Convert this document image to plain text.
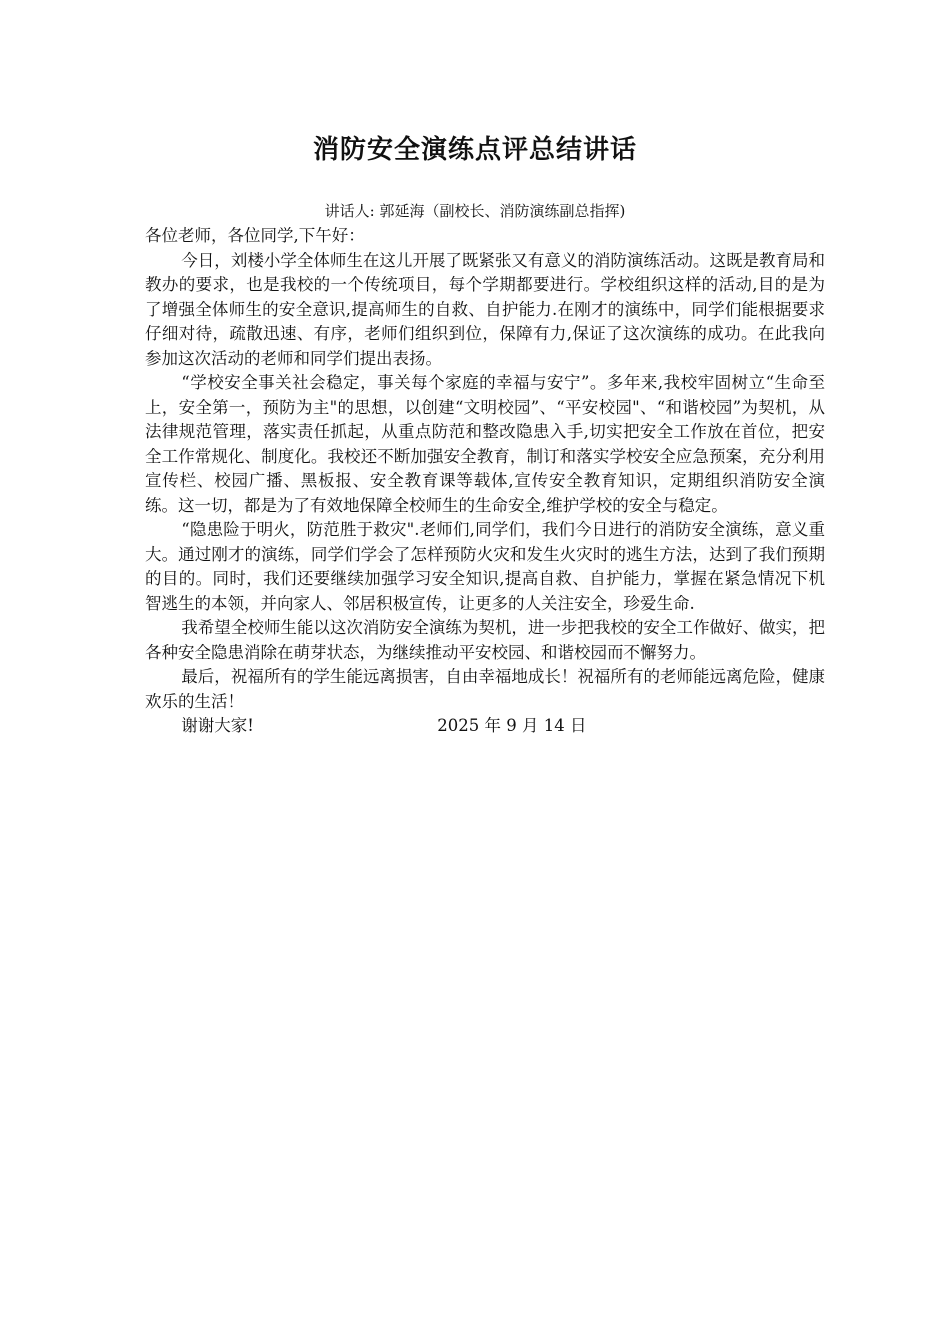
消防安全演练点评总结讲话
讲话人: 郭延海（副校长、消防演练副总指挥)

各位老师，各位同学,下午好：

今日，刘楼小学全体师生在这儿开展了既紧张又有意义的消防演练活动。这既是教育局和教办的要求，也是我校的一个传统项目，每个学期都要进行。学校组织这样的活动,目的是为了增强全体师生的安全意识,提高师生的自救、自护能力.在刚才的演练中，同学们能根据要求仔细对待，疏散迅速、有序，老师们组织到位，保障有力,保证了这次演练的成功。在此我向参加这次活动的老师和同学们提出表扬。

“学校安全事关社会稳定，事关每个家庭的幸福与安宁”。多年来,我校牢固树立“生命至上，安全第一，预防为主"的思想，以创建“文明校园”、“平安校园"、“和谐校园”为契机，从法律规范管理，落实责任抓起，从重点防范和整改隐患入手,切实把安全工作放在首位，把安全工作常规化、制度化。我校还不断加强安全教育，制订和落实学校安全应急预案，充分利用宣传栏、校园广播、黑板报、安全教育课等载体,宣传安全教育知识，定期组织消防安全演练。这一切，都是为了有效地保障全校师生的生命安全,维护学校的安全与稳定。

“隐患险于明火，防范胜于救灾".老师们,同学们，我们今日进行的消防安全演练，意义重大。通过刚才的演练，同学们学会了怎样预防火灾和发生火灾时的逃生方法，达到了我们预期的目的。同时，我们还要继续加强学习安全知识,提高自救、自护能力，掌握在紧急情况下机智逃生的本领，并向家人、邻居积极宣传，让更多的人关注安全，珍爱生命.

我希望全校师生能以这次消防安全演练为契机，进一步把我校的安全工作做好、做实，把各种安全隐患消除在萌芽状态，为继续推动平安校园、和谐校园而不懈努力。

最后，祝福所有的学生能远离损害，自由幸福地成长！祝福所有的老师能远离危险，健康欢乐的生活！

谢谢大家!	2025 年 9 月 14 日
